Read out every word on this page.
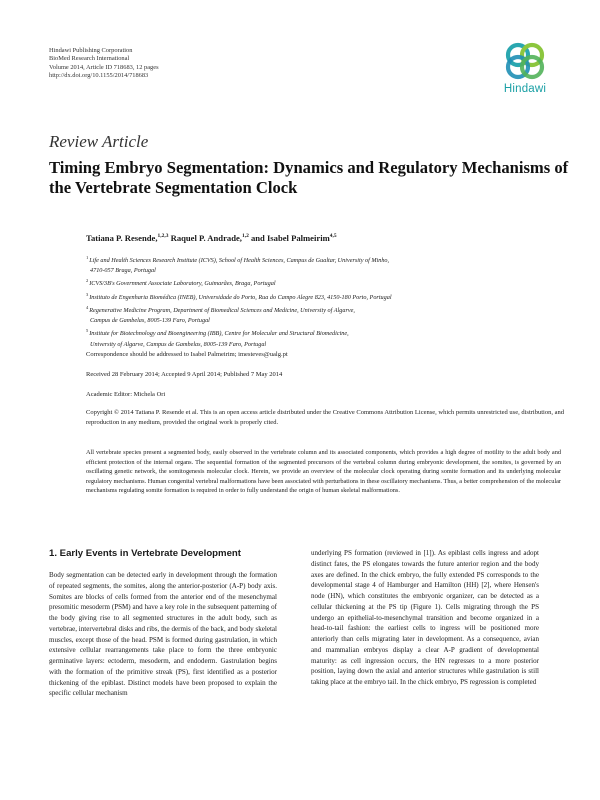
Hindawi Publishing Corporation
BioMed Research International
Volume 2014, Article ID 718683, 12 pages
http://dx.doi.org/10.1155/2014/718683
Hindawi
Review Article
Timing Embryo Segmentation: Dynamics and Regulatory Mechanisms of the Vertebrate Segmentation Clock
Tatiana P. Resende,$^{1,2,3}$ Raquel P. Andrade,$^{1,2}$ and Isabel Palmeirim$^{4,5}$
$^1$Life and Health Sciences Research Institute (ICVS), School of Health Sciences, Campus de Gualtar, University of Minho,
4710-057 Braga, Portugal
$^2$ICVS/3B's Government Associate Laboratory, Guimarães, Braga, Portugal
$^3$Instituto de Engenharia Biomédica (INEB), Universidade do Porto, Rua do Campo Alegre 823, 4150-180 Porto, Portugal
$^4$Regenerative Medicine Program, Department of Biomedical Sciences and Medicine, University of Algarve,
Campus de Gambelas, 8005-139 Faro, Portugal
$^5$Institute for Biotechnology and Bioengineering (IBB), Centre for Molecular and Structural Biomedicine,
University of Algarve, Campus de Gambelas, 8005-139 Faro, Portugal
Correspondence should be addressed to Isabel Palmeirim; imesteves@ualg.pt
Received 28 February 2014; Accepted 9 April 2014; Published 7 May 2014
Academic Editor: Michela Ori
Copyright © 2014 Tatiana P. Resende et al. This is an open access article distributed under the Creative Commons Attribution License, which permits unrestricted use, distribution, and reproduction in any medium, provided the original work is properly cited.
All vertebrate species present a segmented body, easily observed in the vertebrate column and its associated components, which provides a high degree of motility to the adult body and efficient protection of the internal organs. The sequential formation of the segmented precursors of the vertebral column during embryonic development, the somites, is governed by an oscillating genetic network, the somitogenesis molecular clock. Herein, we provide an overview of the molecular clock operating during somite formation and its underlying molecular regulatory mechanisms. Human congenital vertebral malformations have been associated with perturbations in these oscillatory mechanisms. Thus, a better comprehension of the molecular mechanisms regulating somite formation is required in order to fully understand the origin of human skeletal malformations.
1. Early Events in Vertebrate Development
Body segmentation can be detected early in development through the formation of repeated segments, the somites, along the anterior-posterior (A-P) body axis. Somites are blocks of cells formed from the anterior end of the mesenchymal presomitic mesoderm (PSM) and have a key role in the subsequent patterning of the body giving rise to all segmented structures in the adult body, such as vertebrae, intervertebral disks and ribs, the dermis of the back, and body skeletal muscles, except those of the head. PSM is formed during gastrulation, in which extensive cellular rearrangements take place to form the three embryonic germinative layers: ectoderm, mesoderm, and endoderm. Gastrulation begins with the formation of the primitive streak (PS), first identified as a posterior thickening of the epiblast. Distinct models have been proposed to explain the specific cellular mechanism
underlying PS formation (reviewed in [1]). As epiblast cells ingress and adopt distinct fates, the PS elongates towards the future anterior region and the body axes are defined. In the chick embryo, the fully extended PS corresponds to the developmental stage 4 of Hamburger and Hamilton (HH) [2], where Hensen's node (HN), which constitutes the embryonic organizer, can be detected as a cellular thickening at the PS tip (Figure 1). Cells migrating through the PS undergo an epithelial-to-mesenchymal transition and become organized in a head-to-tail fashion: the earliest cells to ingress will be positioned more anteriorly than cells migrating later in development. As a consequence, avian and mammalian embryos display a clear A-P gradient of developmental maturity: as cell ingression occurs, the HN regresses to a more posterior position, laying down the axial and anterior structures while gastrulation is still taking place at the embryo tail. In the chick embryo, PS regression is completed
